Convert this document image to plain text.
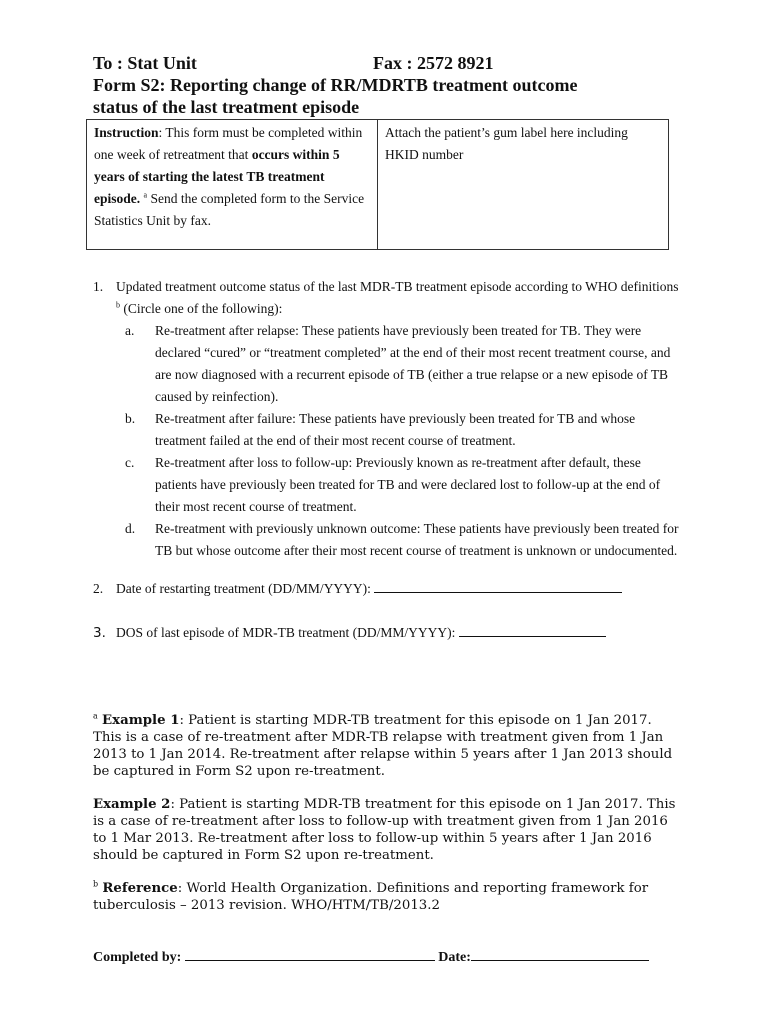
To : Stat Unit	Fax : 2572 8921
Form S2: Reporting change of RR/MDRTB treatment outcome
status of the last treatment episode
Instruction: This form must be completed within one week of retreatment that occurs within 5 years of starting the latest TB treatment episode. $^a$ Send the completed form to the Service Statistics Unit by fax.
Attach the patient’s gum label here including HKID number
1. Updated treatment outcome status of the last MDR-TB treatment episode according to WHO definitions $^b$ (Circle one of the following):
a. Re-treatment after relapse: These patients have previously been treated for TB. They were declared “cured” or “treatment completed” at the end of their most recent treatment course, and are now diagnosed with a recurrent episode of TB (either a true relapse or a new episode of TB caused by reinfection).
b. Re-treatment after failure: These patients have previously been treated for TB and whose treatment failed at the end of their most recent course of treatment.
c. Re-treatment after loss to follow-up: Previously known as re-treatment after default, these patients have previously been treated for TB and were declared lost to follow-up at the end of their most recent course of treatment.
d. Re-treatment with previously unknown outcome: These patients have previously been treated for TB but whose outcome after their most recent course of treatment is unknown or undocumented.
2. Date of restarting treatment (DD/MM/YYYY):
3. DOS of last episode of MDR-TB treatment (DD/MM/YYYY):
$^a$ Example 1: Patient is starting MDR-TB treatment for this episode on 1 Jan 2017. This is a case of re-treatment after MDR-TB relapse with treatment given from 1 Jan 2013 to 1 Jan 2014. Re-treatment after relapse within 5 years after 1 Jan 2013 should be captured in Form S2 upon re-treatment.
Example 2: Patient is starting MDR-TB treatment for this episode on 1 Jan 2017. This is a case of re-treatment after loss to follow-up with treatment given from 1 Jan 2016 to 1 Mar 2013. Re-treatment after loss to follow-up within 5 years after 1 Jan 2016 should be captured in Form S2 upon re-treatment.
$^b$ Reference: World Health Organization. Definitions and reporting framework for tuberculosis – 2013 revision. WHO/HTM/TB/2013.2
Completed by:	Date:
